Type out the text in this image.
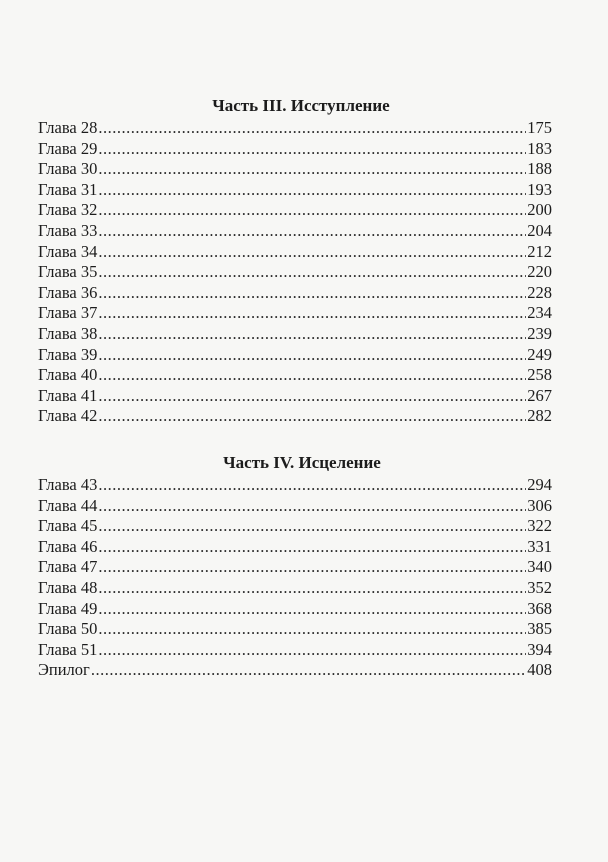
Часть III. Исступление
Глава 28 .....	175
Глава 29 .....	183
Глава 30 .....	188
Глава 31 .....	193
Глава 32 .....	200
Глава 33 .....	204
Глава 34 .....	212
Глава 35 .....	220
Глава 36 .....	228
Глава 37 .....	234
Глава 38 .....	239
Глава 39 .....	249
Глава 40 .....	258
Глава 41 .....	267
Глава 42 .....	282
Часть IV. Исцеление
Глава 43 .....	294
Глава 44 .....	306
Глава 45 .....	322
Глава 46 .....	331
Глава 47 .....	340
Глава 48 .....	352
Глава 49 .....	368
Глава 50 .....	385
Глава 51 .....	394
Эпилог .....	408
